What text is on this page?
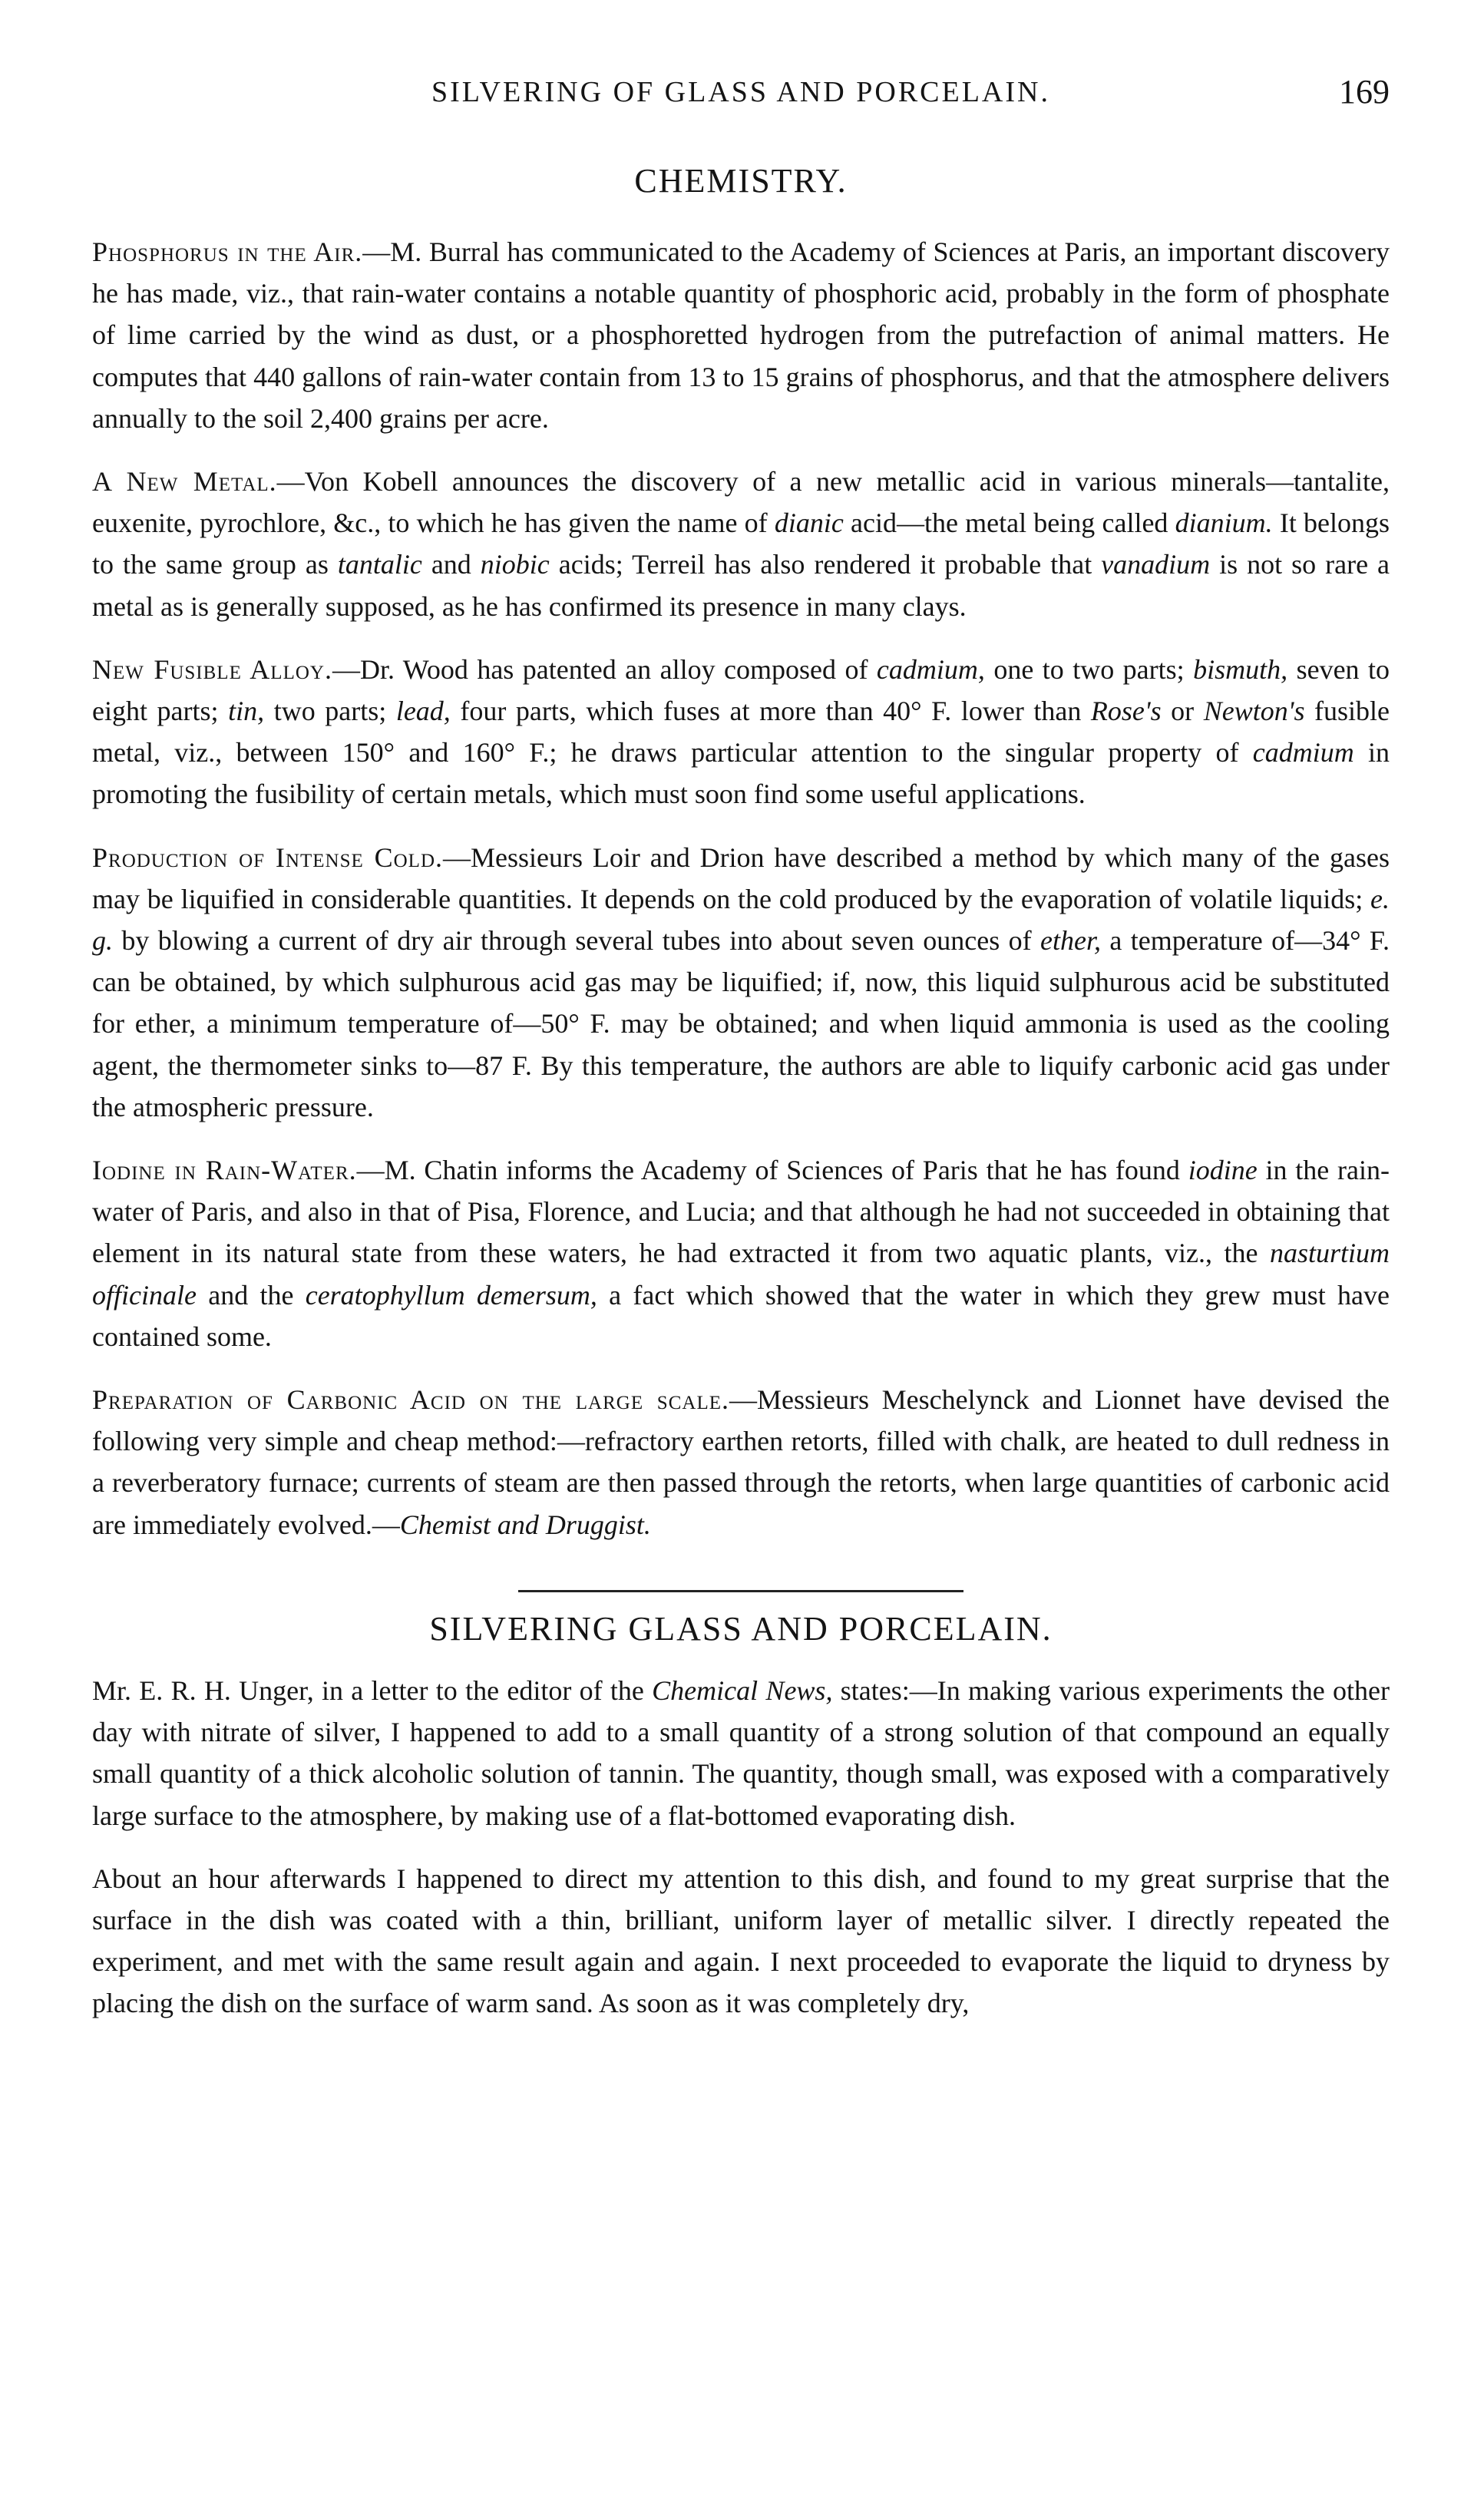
SILVERING OF GLASS AND PORCELAIN.	169
CHEMISTRY.

Phosphorus in the Air.—M. Burral has communicated to the Academy of Sciences at Paris, an important discovery he has made, viz., that rain-water contains a notable quantity of phosphoric acid, probably in the form of phosphate of lime carried by the wind as dust, or a phosphoretted hydrogen from the putrefaction of animal matters. He computes that 440 gallons of rain-water contain from 13 to 15 grains of phosphorus, and that the atmosphere delivers annually to the soil 2,400 grains per acre.

A New Metal.—Von Kobell announces the discovery of a new metallic acid in various minerals—tantalite, euxenite, pyrochlore, &c., to which he has given the name of dianic acid—the metal being called dianium. It belongs to the same group as tantalic and niobic acids; Terreil has also rendered it probable that vanadium is not so rare a metal as is generally supposed, as he has confirmed its presence in many clays.

New Fusible Alloy.—Dr. Wood has patented an alloy composed of cadmium, one to two parts; bismuth, seven to eight parts; tin, two parts; lead, four parts, which fuses at more than 40° F. lower than Rose's or Newton's fusible metal, viz., between 150° and 160° F.; he draws particular attention to the singular property of cadmium in promoting the fusibility of certain metals, which must soon find some useful applications.

Production of Intense Cold.—Messieurs Loir and Drion have described a method by which many of the gases may be liquified in considerable quantities. It depends on the cold produced by the evaporation of volatile liquids; e. g. by blowing a current of dry air through several tubes into about seven ounces of ether, a temperature of—34° F. can be obtained, by which sulphurous acid gas may be liquified; if, now, this liquid sulphurous acid be substituted for ether, a minimum temperature of—50° F. may be obtained; and when liquid ammonia is used as the cooling agent, the thermometer sinks to—87 F. By this temperature, the authors are able to liquify carbonic acid gas under the atmospheric pressure.

Iodine in Rain-Water.—M. Chatin informs the Academy of Sciences of Paris that he has found iodine in the rain-water of Paris, and also in that of Pisa, Florence, and Lucia; and that although he had not succeeded in obtaining that element in its natural state from these waters, he had extracted it from two aquatic plants, viz., the nasturtium officinale and the ceratophyllum demersum, a fact which showed that the water in which they grew must have contained some.

Preparation of Carbonic Acid on the large scale.—Messieurs Meschelynck and Lionnet have devised the following very simple and cheap method:—refractory earthen retorts, filled with chalk, are heated to dull redness in a reverberatory furnace; currents of steam are then passed through the retorts, when large quantities of carbonic acid are immediately evolved.—Chemist and Druggist.

SILVERING GLASS AND PORCELAIN.

Mr. E. R. H. Unger, in a letter to the editor of the Chemical News, states:—In making various experiments the other day with nitrate of silver, I happened to add to a small quantity of a strong solution of that compound an equally small quantity of a thick alcoholic solution of tannin. The quantity, though small, was exposed with a comparatively large surface to the atmosphere, by making use of a flat-bottomed evaporating dish.

About an hour afterwards I happened to direct my attention to this dish, and found to my great surprise that the surface in the dish was coated with a thin, brilliant, uniform layer of metallic silver. I directly repeated the experiment, and met with the same result again and again. I next proceeded to evaporate the liquid to dryness by placing the dish on the surface of warm sand. As soon as it was completely dry,
